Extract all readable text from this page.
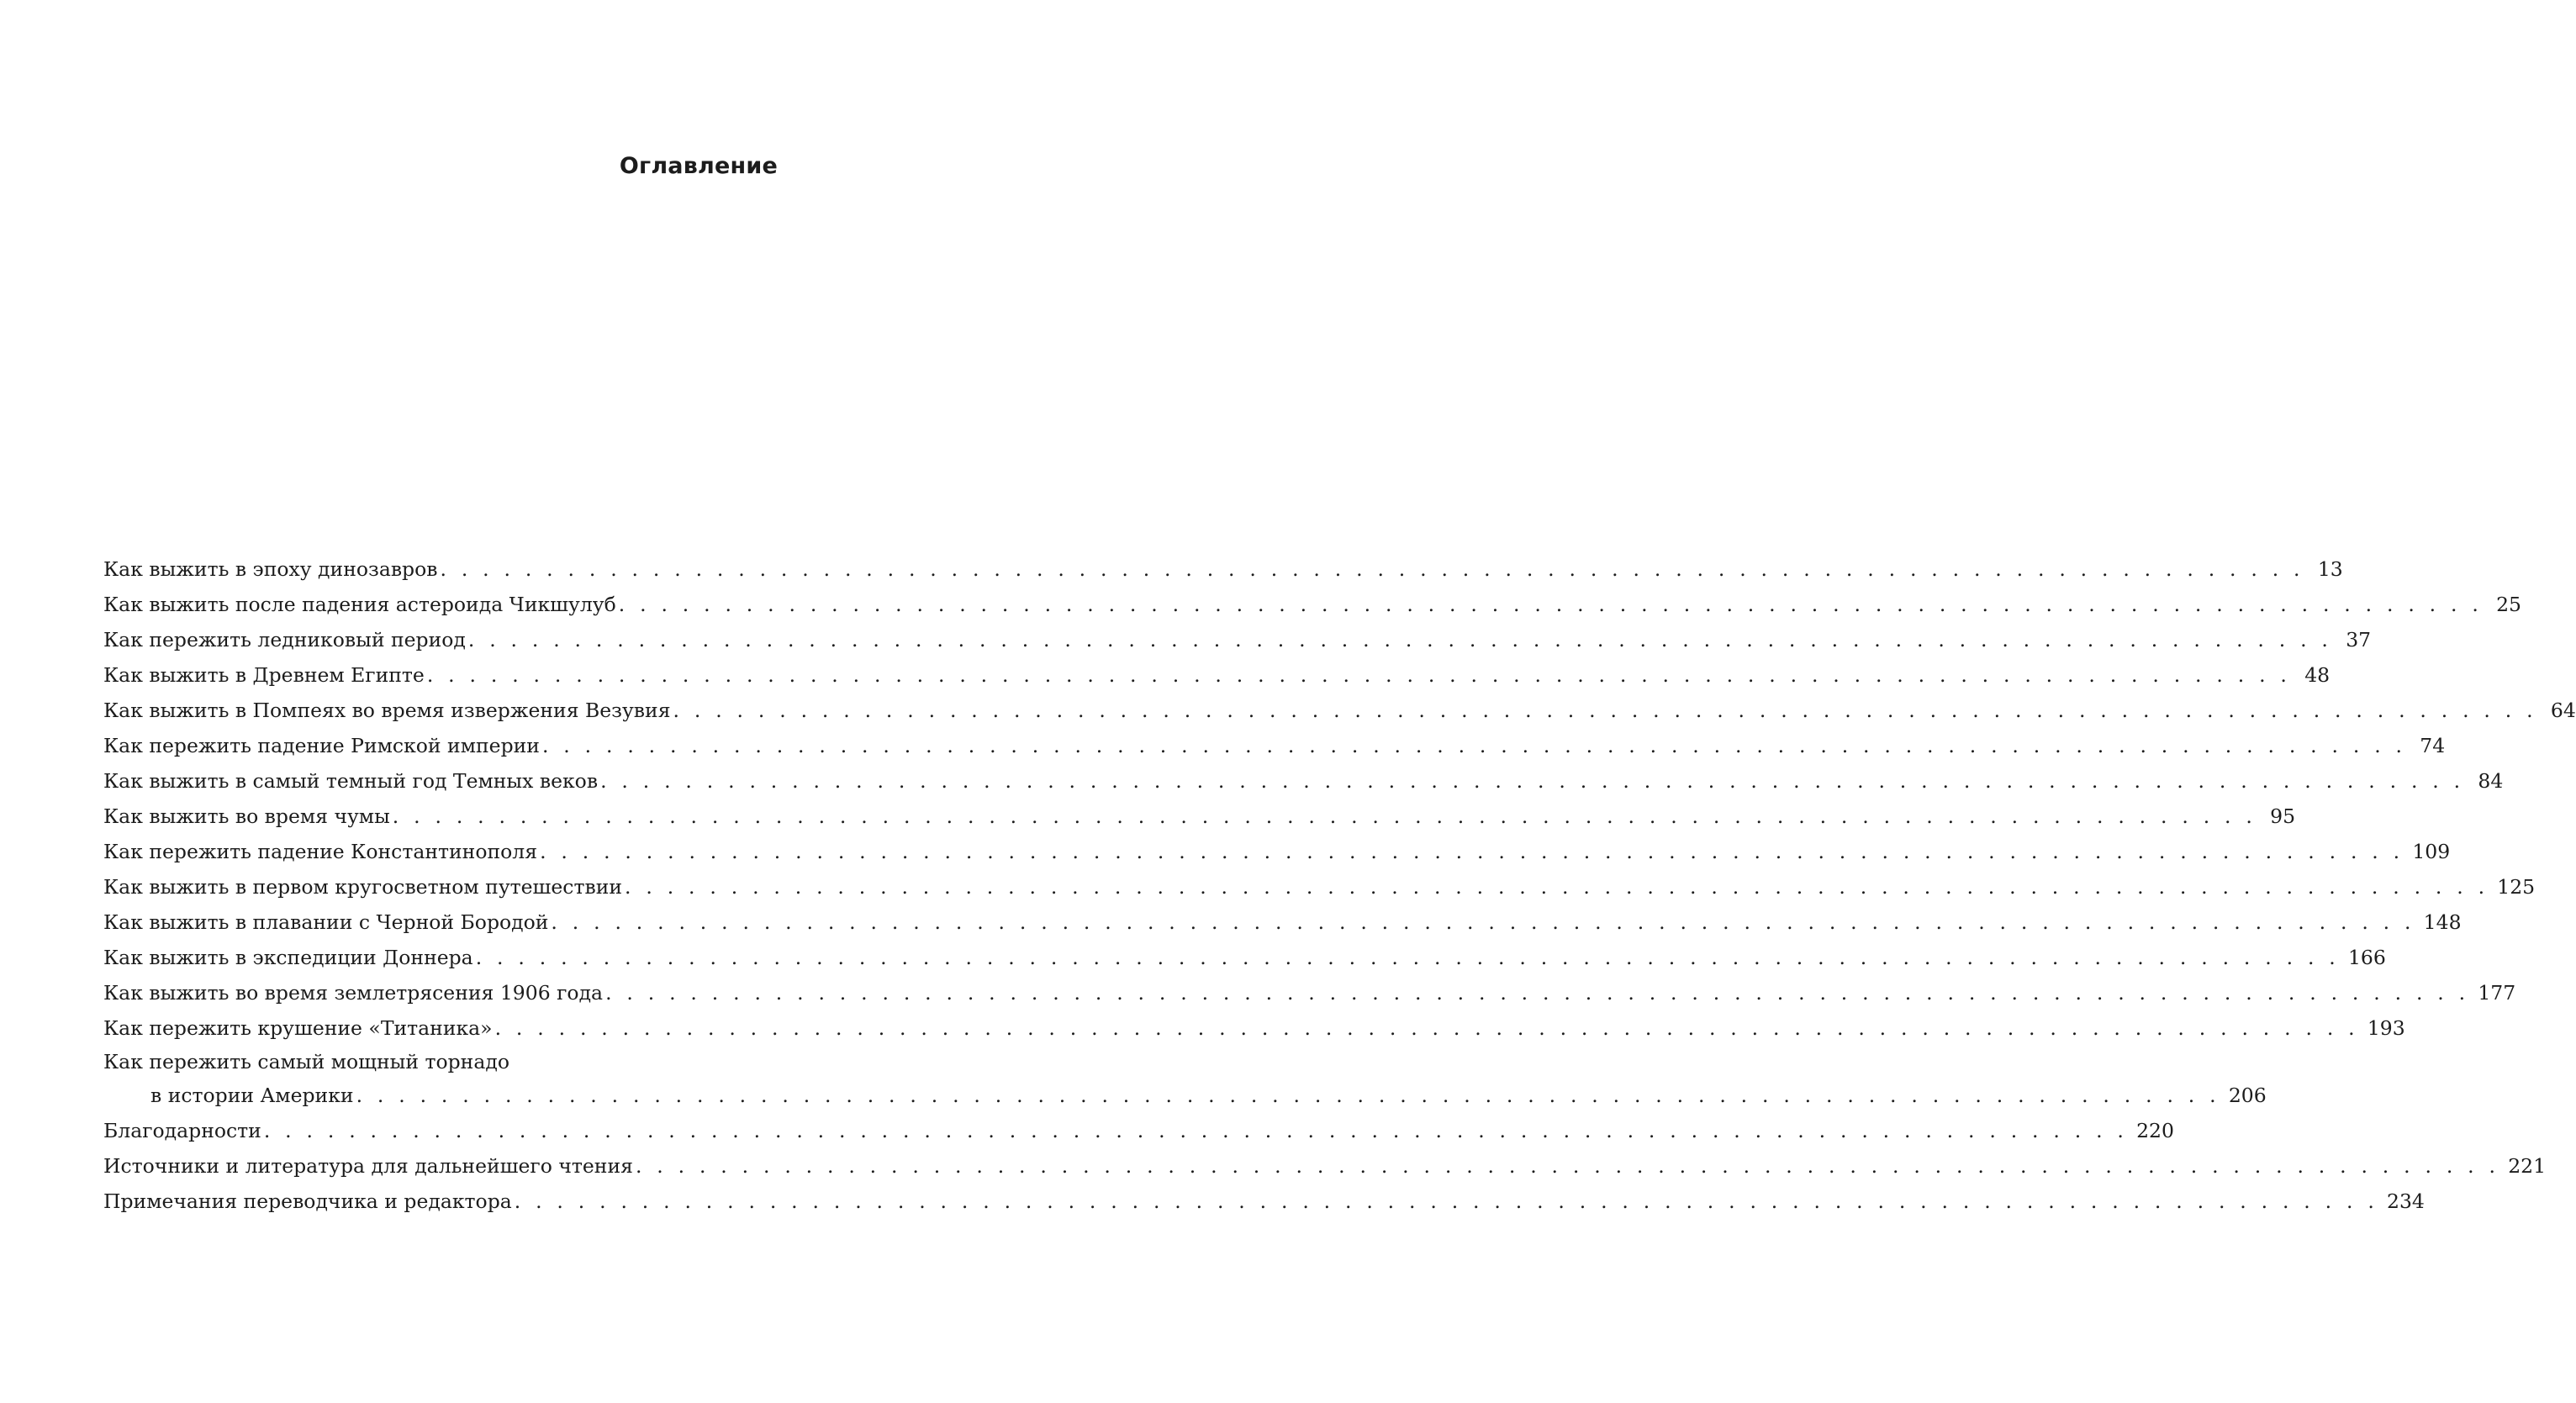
Оглавление
Как выжить в эпоху динозавров . . . . . . . . . . . . . . . . . . . . . . . . . . . . . . . . . . . . . . . . . . . . . . . . . . . . . . . . . . . . . . . . . . . . . . . . . . . . . . . . . . . . . . . . 13
Как выжить после падения астероида Чикшулуб . . . . . . . . . . . . . . . . . . . . . . . . . . . . . . . . . . . . . . . . . . . . . . . . . . . . . . . . . . . . . . . . . . . . . . . . . . . . . . . . . . . . . . . . 25
Как пережить ледниковый период . . . . . . . . . . . . . . . . . . . . . . . . . . . . . . . . . . . . . . . . . . . . . . . . . . . . . . . . . . . . . . . . . . . . . . . . . . . . . . . . . . . . . . . . 37
Как выжить в Древнем Египте . . . . . . . . . . . . . . . . . . . . . . . . . . . . . . . . . . . . . . . . . . . . . . . . . . . . . . . . . . . . . . . . . . . . . . . . . . . . . . . . . . . . . . . . 48
Как выжить в Помпеях во время извержения Везувия . . . . . . . . . . . . . . . . . . . . . . . . . . . . . . . . . . . . . . . . . . . . . . . . . . . . . . . . . . . . . . . . . . . . . . . . . . . . . . . . . . . . . . . . 64
Как пережить падение Римской империи . . . . . . . . . . . . . . . . . . . . . . . . . . . . . . . . . . . . . . . . . . . . . . . . . . . . . . . . . . . . . . . . . . . . . . . . . . . . . . . . . . . . . . . . 74
Как выжить в самый темный год Темных веков . . . . . . . . . . . . . . . . . . . . . . . . . . . . . . . . . . . . . . . . . . . . . . . . . . . . . . . . . . . . . . . . . . . . . . . . . . . . . . . . . . . . . . . . 84
Как выжить во время чумы . . . . . . . . . . . . . . . . . . . . . . . . . . . . . . . . . . . . . . . . . . . . . . . . . . . . . . . . . . . . . . . . . . . . . . . . . . . . . . . . . . . . . . . . 95
Как пережить падение Константинополя . . . . . . . . . . . . . . . . . . . . . . . . . . . . . . . . . . . . . . . . . . . . . . . . . . . . . . . . . . . . . . . . . . . . . . . . . . . . . . . . . . . . . . . . 109
Как выжить в первом кругосветном путешествии . . . . . . . . . . . . . . . . . . . . . . . . . . . . . . . . . . . . . . . . . . . . . . . . . . . . . . . . . . . . . . . . . . . . . . . . . . . . . . . . . . . . . . . . 125
Как выжить в плавании с Черной Бородой . . . . . . . . . . . . . . . . . . . . . . . . . . . . . . . . . . . . . . . . . . . . . . . . . . . . . . . . . . . . . . . . . . . . . . . . . . . . . . . . . . . . . . . . 148
Как выжить в экспедиции Доннера . . . . . . . . . . . . . . . . . . . . . . . . . . . . . . . . . . . . . . . . . . . . . . . . . . . . . . . . . . . . . . . . . . . . . . . . . . . . . . . . . . . . . . . . 166
Как выжить во время землетрясения 1906 года . . . . . . . . . . . . . . . . . . . . . . . . . . . . . . . . . . . . . . . . . . . . . . . . . . . . . . . . . . . . . . . . . . . . . . . . . . . . . . . . . . . . . . . . 177
Как пережить крушение «Титаника» . . . . . . . . . . . . . . . . . . . . . . . . . . . . . . . . . . . . . . . . . . . . . . . . . . . . . . . . . . . . . . . . . . . . . . . . . . . . . . . . . . . . . . . . 193
Как пережить самый мощный торнадо
в истории Америки . . . . . . . . . . . . . . . . . . . . . . . . . . . . . . . . . . . . . . . . . . . . . . . . . . . . . . . . . . . . . . . . . . . . . . . . . . . . . . . . . . . . . . . . 206
Благодарности . . . . . . . . . . . . . . . . . . . . . . . . . . . . . . . . . . . . . . . . . . . . . . . . . . . . . . . . . . . . . . . . . . . . . . . . . . . . . . . . . . . . . . . . 220
Источники и литература для дальнейшего чтения . . . . . . . . . . . . . . . . . . . . . . . . . . . . . . . . . . . . . . . . . . . . . . . . . . . . . . . . . . . . . . . . . . . . . . . . . . . . . . . . . . . . . . . . 221
Примечания переводчика и редактора . . . . . . . . . . . . . . . . . . . . . . . . . . . . . . . . . . . . . . . . . . . . . . . . . . . . . . . . . . . . . . . . . . . . . . . . . . . . . . . . . . . . . . . . 234
